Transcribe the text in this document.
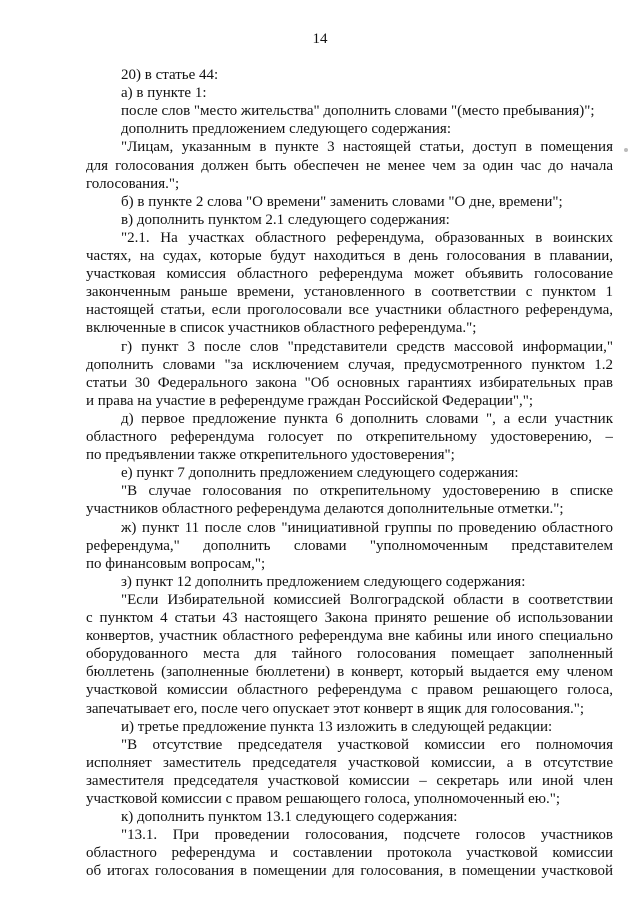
14
20) в статье 44:
а) в пункте 1:
после слов "место жительства" дополнить словами "(место пребывания)";
дополнить предложением следующего содержания:
"Лицам, указанным в пункте 3 настоящей статьи, доступ в помещения
для голосования должен быть обеспечен не менее чем за один час до начала
голосования.";
б) в пункте 2 слова "О времени" заменить словами "О дне, времени";
в) дополнить пунктом 2.1 следующего содержания:
"2.1. На участках областного референдума, образованных в воинских
частях, на судах, которые будут находиться в день голосования в плавании,
участковая комиссия областного референдума может объявить голосование
законченным раньше времени, установленного в соответствии с пунктом 1
настоящей статьи, если проголосовали все участники областного референдума,
включенные в список участников областного референдума.";
г) пункт 3 после слов "представители средств массовой информации,"
дополнить словами "за исключением случая, предусмотренного пунктом 1.2
статьи 30 Федерального закона "Об основных гарантиях избирательных прав
и права на участие в референдуме граждан Российской Федерации",";
д) первое предложение пункта 6 дополнить словами ", а если участник
областного референдума голосует по открепительному удостоверению, –
по предъявлении также открепительного удостоверения";
е) пункт 7 дополнить предложением следующего содержания:
"В случае голосования по открепительному удостоверению в списке
участников областного референдума делаются дополнительные отметки.";
ж) пункт 11 после слов "инициативной группы по проведению областного
референдума," дополнить словами "уполномоченным представителем
по финансовым вопросам,";
з) пункт 12 дополнить предложением следующего содержания:
"Если Избирательной комиссией Волгоградской области в соответствии
с пунктом 4 статьи 43 настоящего Закона принято решение об использовании
конвертов, участник областного референдума вне кабины или иного специально
оборудованного места для тайного голосования помещает заполненный
бюллетень (заполненные бюллетени) в конверт, который выдается ему членом
участковой комиссии областного референдума с правом решающего голоса,
запечатывает его, после чего опускает этот конверт в ящик для голосования.";
и) третье предложение пункта 13 изложить в следующей редакции:
"В отсутствие председателя участковой комиссии его полномочия
исполняет заместитель председателя участковой комиссии, а в отсутствие
заместителя председателя участковой комиссии – секретарь или иной член
участковой комиссии с правом решающего голоса, уполномоченный ею.";
к) дополнить пунктом 13.1 следующего содержания:
"13.1. При проведении голосования, подсчете голосов участников
областного референдума и составлении протокола участковой комиссии
об итогах голосования в помещении для голосования, в помещении участковой
